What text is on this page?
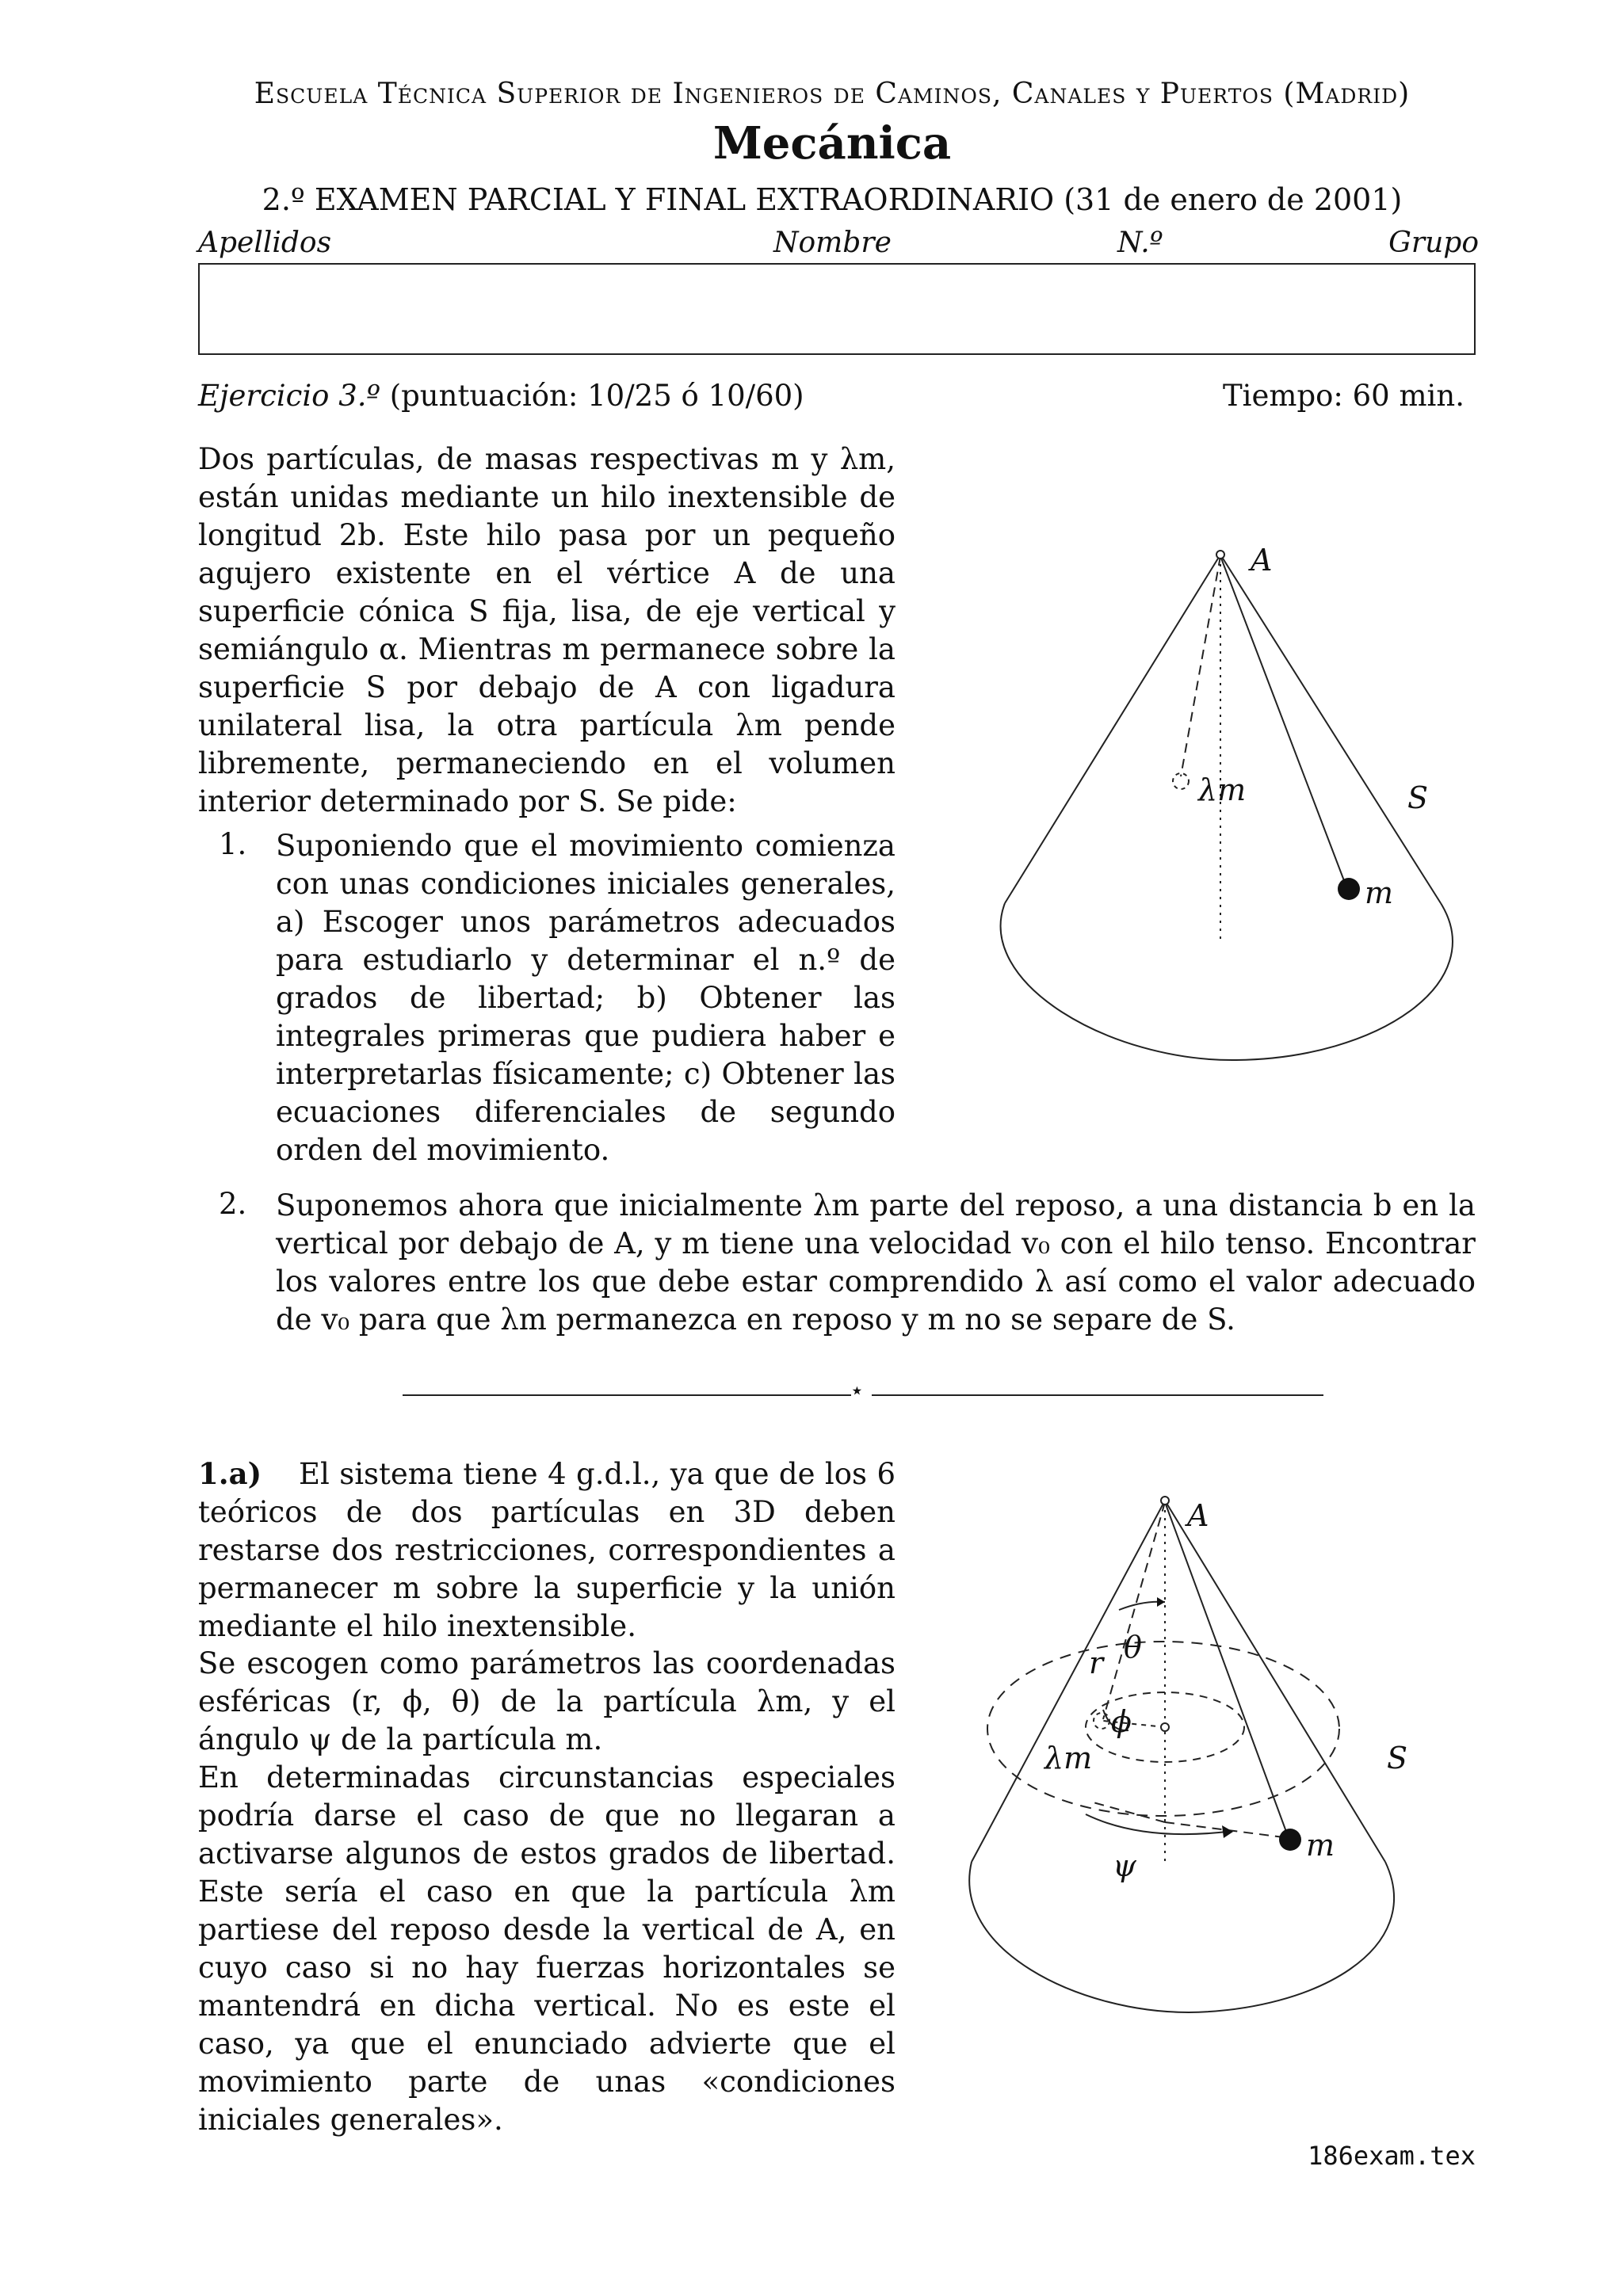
Escuela Técnica Superior de Ingenieros de Caminos, Canales y Puertos (Madrid)
Mecánica
2.º EXAMEN PARCIAL Y FINAL EXTRAORDINARIO (31 de enero de 2001)
Apellidos	Nombre	N.º	Grupo
Ejercicio 3.º (puntuación: 10/25 ó 10/60)	Tiempo: 60 min.
Dos partículas, de masas respectivas m y λm, están unidas mediante un hilo inextensible de longitud 2b. Este hilo pasa por un pequeño agujero existente en el vértice A de una superficie cónica S fija, lisa, de eje vertical y semiángulo α. Mientras m permanece sobre la superficie S por debajo de A con ligadura unilateral lisa, la otra partícula λm pende libremente, permaneciendo en el volumen interior determinado por S. Se pide:
1. Suponiendo que el movimiento comienza con unas condiciones iniciales generales, a) Escoger unos parámetros adecuados para estudiarlo y determinar el n.º de grados de libertad; b) Obtener las integrales primeras que pudiera haber e interpretarlas físicamente; c) Obtener las ecuaciones diferenciales de segundo orden del movimiento.
2. Suponemos ahora que inicialmente λm parte del reposo, a una distancia b en la vertical por debajo de A, y m tiene una velocidad v₀ con el hilo tenso. Encontrar los valores entre los que debe estar comprendido λ así como el valor adecuado de v₀ para que λm permanezca en reposo y m no se separe de S.
A
S
λm
m
⋆
1.a) El sistema tiene 4 g.d.l., ya que de los 6 teóricos de dos partículas en 3D deben restarse dos restricciones, correspondientes a permanecer m sobre la superficie y la unión mediante el hilo inextensible.
Se escogen como parámetros las coordenadas esféricas (r, ϕ, θ) de la partícula λm, y el ángulo ψ de la partícula m.
En determinadas circunstancias especiales podría darse el caso de que no llegaran a activarse algunos de estos grados de libertad. Este sería el caso en que la partícula λm partiese del reposo desde la vertical de A, en cuyo caso si no hay fuerzas horizontales se mantendrá en dicha vertical. No es este el caso, ya que el enunciado advierte que el movimiento parte de unas «condiciones iniciales generales».
A
S
r θ
ϕ
λm
ψ
m
186exam.tex
